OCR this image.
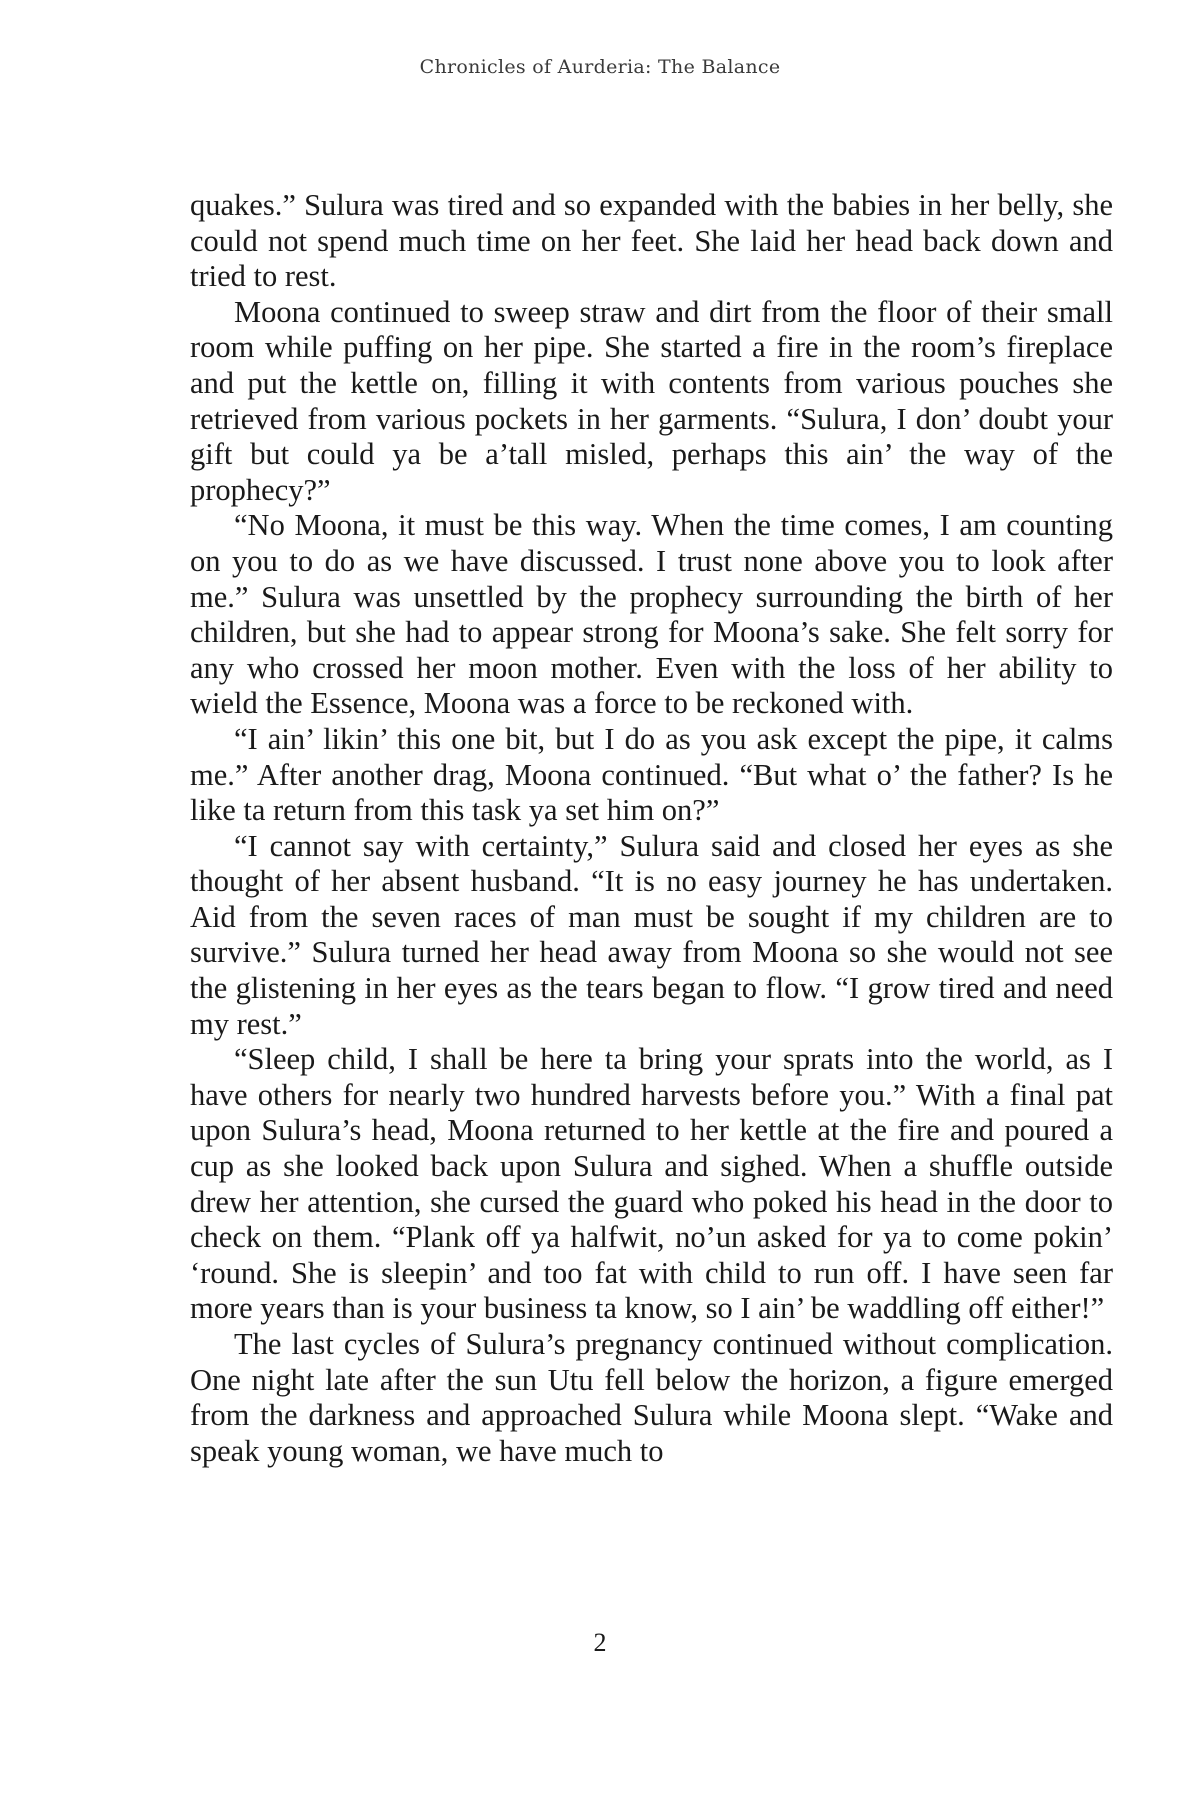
Chronicles of Aurderia: The Balance

quakes.” Sulura was tired and so expanded with the babies in her belly, she could not spend much time on her feet. She laid her head back down and tried to rest.

Moona continued to sweep straw and dirt from the floor of their small room while puffing on her pipe. She started a fire in the room’s fireplace and put the kettle on, filling it with contents from various pouches she retrieved from various pockets in her garments. “Sulura, I don’ doubt your gift but could ya be a’tall misled, perhaps this ain’ the way of the prophecy?”

“No Moona, it must be this way. When the time comes, I am counting on you to do as we have discussed. I trust none above you to look after me.” Sulura was unsettled by the prophecy surrounding the birth of her children, but she had to appear strong for Moona’s sake. She felt sorry for any who crossed her moon mother. Even with the loss of her ability to wield the Essence, Moona was a force to be reckoned with.

“I ain’ likin’ this one bit, but I do as you ask except the pipe, it calms me.” After another drag, Moona continued. “But what o’ the father? Is he like ta return from this task ya set him on?”

“I cannot say with certainty,” Sulura said and closed her eyes as she thought of her absent husband. “It is no easy journey he has undertaken. Aid from the seven races of man must be sought if my children are to survive.” Sulura turned her head away from Moona so she would not see the glistening in her eyes as the tears began to flow. “I grow tired and need my rest.”

“Sleep child, I shall be here ta bring your sprats into the world, as I have others for nearly two hundred harvests before you.” With a final pat upon Sulura’s head, Moona returned to her kettle at the fire and poured a cup as she looked back upon Sulura and sighed. When a shuffle outside drew her attention, she cursed the guard who poked his head in the door to check on them. “Plank off ya halfwit, no’un asked for ya to come pokin’ ‘round. She is sleepin’ and too fat with child to run off. I have seen far more years than is your business ta know, so I ain’ be waddling off either!”

The last cycles of Sulura’s pregnancy continued without complication. One night late after the sun Utu fell below the horizon, a figure emerged from the darkness and approached Sulura while Moona slept. “Wake and speak young woman, we have much to

2
